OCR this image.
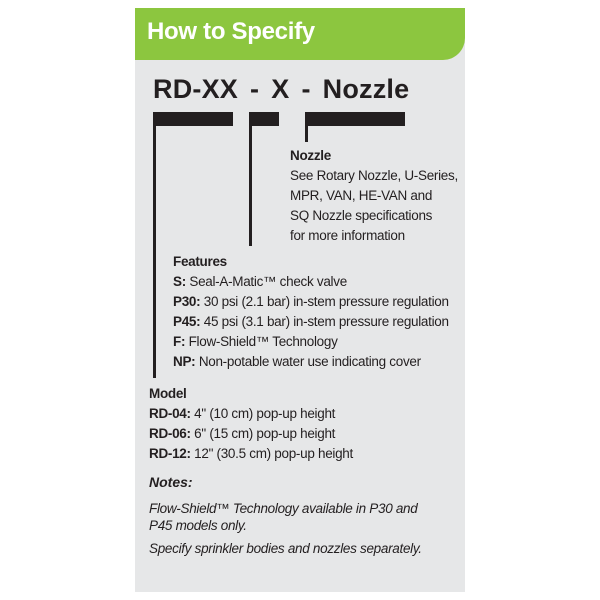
How to Specify
RD-XX - X - Nozzle
Nozzle
See Rotary Nozzle, U-Series,
MPR, VAN, HE-VAN and
SQ Nozzle specifications
for more information
Features
S: Seal-A-Matic™ check valve
P30: 30 psi (2.1 bar) in-stem pressure regulation
P45: 45 psi (3.1 bar) in-stem pressure regulation
F: Flow-Shield™ Technology
NP: Non-potable water use indicating cover
Model
RD-04: 4" (10 cm) pop-up height
RD-06: 6" (15 cm) pop-up height
RD-12: 12" (30.5 cm) pop-up height
Notes:
Flow-Shield™ Technology available in P30 and
P45 models only.
Specify sprinkler bodies and nozzles separately.
